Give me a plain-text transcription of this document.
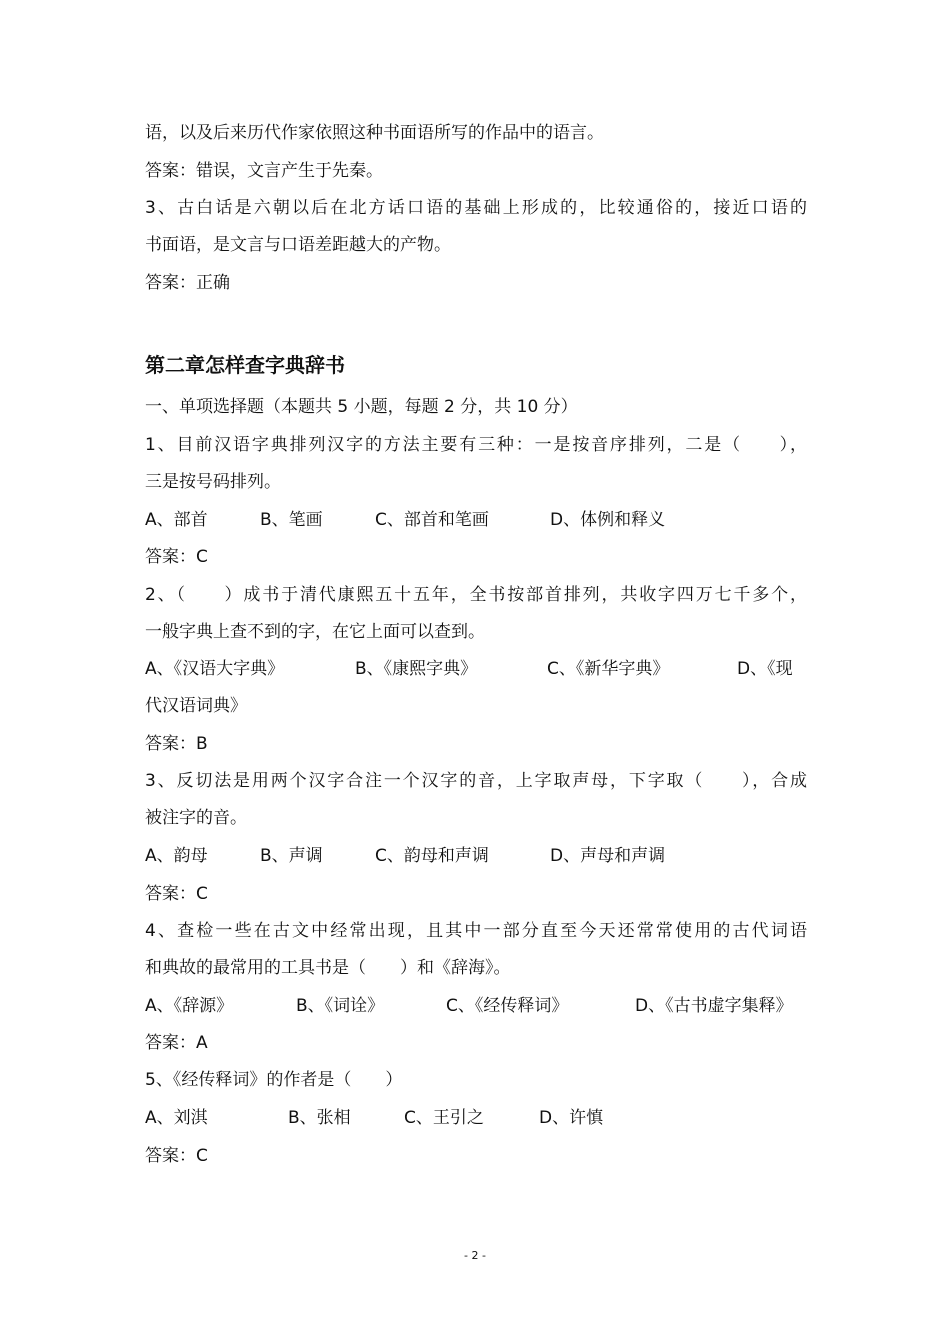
语，以及后来历代作家依照这种书面语所写的作品中的语言。
答案：错误，文言产生于先秦。
3、古白话是六朝以后在北方话口语的基础上形成的，比较通俗的，接近口语的
书面语，是文言与口语差距越大的产物。
答案：正确
第二章怎样查字典辞书
一、单项选择题（本题共 5 小题，每题 2 分，共 10 分）
1、目前汉语字典排列汉字的方法主要有三种：一是按音序排列，二是（　　），
三是按号码排列。
A、部首	B、笔画	C、部首和笔画	D、体例和释义
答案：C
2、（　　）成书于清代康熙五十五年，全书按部首排列，共收字四万七千多个，
一般字典上查不到的字，在它上面可以查到。
A、《汉语大字典》	B、《康熙字典》	C、《新华字典》	D、《现
代汉语词典》
答案：B
3、反切法是用两个汉字合注一个汉字的音，上字取声母，下字取（　　），合成
被注字的音。
A、韵母	B、声调	C、韵母和声调	D、声母和声调
答案：C
4、查检一些在古文中经常出现，且其中一部分直至今天还常常使用的古代词语
和典故的最常用的工具书是（　　）和《辞海》。
A、《辞源》	B、《词诠》	C、《经传释词》	D、《古书虚字集释》
答案：A
5、《经传释词》的作者是（　　）
A、刘淇	B、张相	C、王引之	D、许慎
答案：C
- 2 -
